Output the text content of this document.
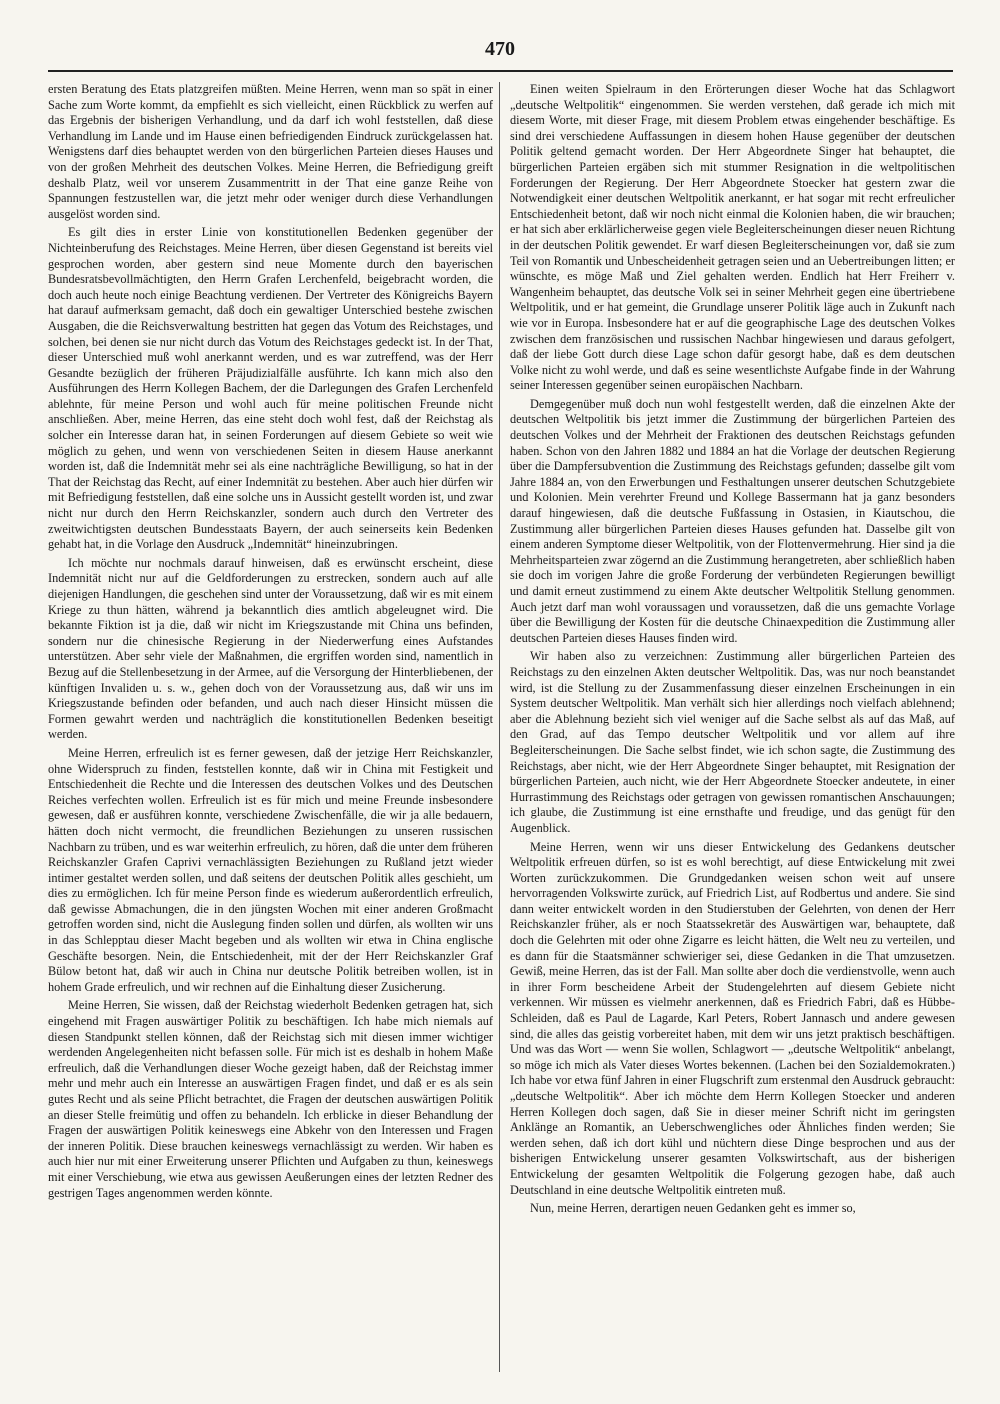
470

ersten Beratung des Etats platzgreifen müßten. Meine Herren, wenn man so spät in einer Sache zum Worte kommt, da empfiehlt es sich vielleicht, einen Rückblick zu werfen auf das Ergebnis der bisherigen Verhandlung, und da darf ich wohl feststellen, daß diese Verhandlung im Lande und im Hause einen befriedigenden Eindruck zurückgelassen hat. Wenigstens darf dies behauptet werden von den bürgerlichen Parteien dieses Hauses und von der großen Mehrheit des deutschen Volkes. Meine Herren, die Befriedigung greift deshalb Platz, weil vor unserem Zusammentritt in der That eine ganze Reihe von Spannungen festzustellen war, die jetzt mehr oder weniger durch diese Verhandlungen ausgelöst worden sind.

Es gilt dies in erster Linie von konstitutionellen Bedenken gegenüber der Nichteinberufung des Reichstages. Meine Herren, über diesen Gegenstand ist bereits viel gesprochen worden, aber gestern sind neue Momente durch den bayerischen Bundesratsbevollmächtigten, den Herrn Grafen Lerchenfeld, beigebracht worden, die doch auch heute noch einige Beachtung verdienen. Der Vertreter des Königreichs Bayern hat darauf aufmerksam gemacht, daß doch ein gewaltiger Unterschied bestehe zwischen Ausgaben, die die Reichsverwaltung bestritten hat gegen das Votum des Reichstages, und solchen, bei denen sie nur nicht durch das Votum des Reichstages gedeckt ist. In der That, dieser Unterschied muß wohl anerkannt werden, und es war zutreffend, was der Herr Gesandte bezüglich der früheren Präjudizialfälle ausführte. Ich kann mich also den Ausführungen des Herrn Kollegen Bachem, der die Darlegungen des Grafen Lerchenfeld ablehnte, für meine Person und wohl auch für meine politischen Freunde nicht anschließen. Aber, meine Herren, das eine steht doch wohl fest, daß der Reichstag als solcher ein Interesse daran hat, in seinen Forderungen auf diesem Gebiete so weit wie möglich zu gehen, und wenn von verschiedenen Seiten in diesem Hause anerkannt worden ist, daß die Indemnität mehr sei als eine nachträgliche Bewilligung, so hat in der That der Reichstag das Recht, auf einer Indemnität zu bestehen. Aber auch hier dürfen wir mit Befriedigung feststellen, daß eine solche uns in Aussicht gestellt worden ist, und zwar nicht nur durch den Herrn Reichskanzler, sondern auch durch den Vertreter des zweitwichtigsten deutschen Bundesstaats Bayern, der auch seinerseits kein Bedenken gehabt hat, in die Vorlage den Ausdruck „Indemnität“ hineinzubringen.

Ich möchte nur nochmals darauf hinweisen, daß es erwünscht erscheint, diese Indemnität nicht nur auf die Geldforderungen zu erstrecken, sondern auch auf alle diejenigen Handlungen, die geschehen sind unter der Voraussetzung, daß wir es mit einem Kriege zu thun hätten, während ja bekanntlich dies amtlich abgeleugnet wird. Die bekannte Fiktion ist ja die, daß wir nicht im Kriegszustande mit China uns befinden, sondern nur die chinesische Regierung in der Niederwerfung eines Aufstandes unterstützen. Aber sehr viele der Maßnahmen, die ergriffen worden sind, namentlich in Bezug auf die Stellenbesetzung in der Armee, auf die Versorgung der Hinterbliebenen, der künftigen Invaliden u. s. w., gehen doch von der Voraussetzung aus, daß wir uns im Kriegszustande befinden oder befanden, und auch nach dieser Hinsicht müssen die Formen gewahrt werden und nachträglich die konstitutionellen Bedenken beseitigt werden.

Meine Herren, erfreulich ist es ferner gewesen, daß der jetzige Herr Reichskanzler, ohne Widerspruch zu finden, feststellen konnte, daß wir in China mit Festigkeit und Entschiedenheit die Rechte und die Interessen des deutschen Volkes und des Deutschen Reiches verfechten wollen. Erfreulich ist es für mich und meine Freunde insbesondere gewesen, daß er ausführen konnte, verschiedene Zwischenfälle, die wir ja alle bedauern, hätten doch nicht vermocht, die freundlichen Beziehungen zu unseren russischen Nachbarn zu trüben, und es war weiterhin erfreulich, zu hören, daß die unter dem früheren Reichskanzler Grafen Caprivi vernachlässigten Beziehungen zu Rußland jetzt wieder intimer gestaltet werden sollen, und daß seitens der deutschen Politik alles geschieht, um dies zu ermöglichen. Ich für meine Person finde es wiederum außerordentlich erfreulich, daß gewisse Abmachungen, die in den jüngsten Wochen mit einer anderen Großmacht getroffen worden sind, nicht die Auslegung finden sollen und dürfen, als wollten wir uns in das Schlepptau dieser Macht begeben und als wollten wir etwa in China englische Geschäfte besorgen. Nein, die Entschiedenheit, mit der der Herr Reichskanzler Graf Bülow betont hat, daß wir auch in China nur deutsche Politik betreiben wollen, ist in hohem Grade erfreulich, und wir rechnen auf die Einhaltung dieser Zusicherung.

Meine Herren, Sie wissen, daß der Reichstag wiederholt Bedenken getragen hat, sich eingehend mit Fragen auswärtiger Politik zu beschäftigen. Ich habe mich niemals auf diesen Standpunkt stellen können, daß der Reichstag sich mit diesen immer wichtiger werdenden Angelegenheiten nicht befassen solle. Für mich ist es deshalb in hohem Maße erfreulich, daß die Verhandlungen dieser Woche gezeigt haben, daß der Reichstag immer mehr und mehr auch ein Interesse an auswärtigen Fragen findet, und daß er es als sein gutes Recht und als seine Pflicht betrachtet, die Fragen der deutschen auswärtigen Politik an dieser Stelle freimütig und offen zu behandeln. Ich erblicke in dieser Behandlung der Fragen der auswärtigen Politik keineswegs eine Abkehr von den Interessen und Fragen der inneren Politik. Diese brauchen keineswegs vernachlässigt zu werden. Wir haben es auch hier nur mit einer Erweiterung unserer Pflichten und Aufgaben zu thun, keineswegs mit einer Verschiebung, wie etwa aus gewissen Aeußerungen eines der letzten Redner des gestrigen Tages angenommen werden könnte.

Einen weiten Spielraum in den Erörterungen dieser Woche hat das Schlagwort „deutsche Weltpolitik“ eingenommen. Sie werden verstehen, daß gerade ich mich mit diesem Worte, mit dieser Frage, mit diesem Problem etwas eingehender beschäftige. Es sind drei verschiedene Auffassungen in diesem hohen Hause gegenüber der deutschen Politik geltend gemacht worden. Der Herr Abgeordnete Singer hat behauptet, die bürgerlichen Parteien ergäben sich mit stummer Resignation in die weltpolitischen Forderungen der Regierung. Der Herr Abgeordnete Stoecker hat gestern zwar die Notwendigkeit einer deutschen Weltpolitik anerkannt, er hat sogar mit recht erfreulicher Entschiedenheit betont, daß wir noch nicht einmal die Kolonien haben, die wir brauchen; er hat sich aber erklärlicherweise gegen viele Begleiterscheinungen dieser neuen Richtung in der deutschen Politik gewendet. Er warf diesen Begleiterscheinungen vor, daß sie zum Teil von Romantik und Unbescheidenheit getragen seien und an Uebertreibungen litten; er wünschte, es möge Maß und Ziel gehalten werden. Endlich hat Herr Freiherr v. Wangenheim behauptet, das deutsche Volk sei in seiner Mehrheit gegen eine übertriebene Weltpolitik, und er hat gemeint, die Grundlage unserer Politik läge auch in Zukunft nach wie vor in Europa. Insbesondere hat er auf die geographische Lage des deutschen Volkes zwischen dem französischen und russischen Nachbar hingewiesen und daraus gefolgert, daß der liebe Gott durch diese Lage schon dafür gesorgt habe, daß es dem deutschen Volke nicht zu wohl werde, und daß es seine wesentlichste Aufgabe finde in der Wahrung seiner Interessen gegenüber seinen europäischen Nachbarn.

Demgegenüber muß doch nun wohl festgestellt werden, daß die einzelnen Akte der deutschen Weltpolitik bis jetzt immer die Zustimmung der bürgerlichen Parteien des deutschen Volkes und der Mehrheit der Fraktionen des deutschen Reichstags gefunden haben. Schon von den Jahren 1882 und 1884 an hat die Vorlage der deutschen Regierung über die Dampfersubvention die Zustimmung des Reichstags gefunden; dasselbe gilt vom Jahre 1884 an, von den Erwerbungen und Festhaltungen unserer deutschen Schutzgebiete und Kolonien. Mein verehrter Freund und Kollege Bassermann hat ja ganz besonders darauf hingewiesen, daß die deutsche Fußfassung in Ostasien, in Kiautschou, die Zustimmung aller bürgerlichen Parteien dieses Hauses gefunden hat. Dasselbe gilt von einem anderen Symptome dieser Weltpolitik, von der Flottenvermehrung. Hier sind ja die Mehrheitsparteien zwar zögernd an die Zustimmung herangetreten, aber schließlich haben sie doch im vorigen Jahre die große Forderung der verbündeten Regierungen bewilligt und damit erneut zustimmend zu einem Akte deutscher Weltpolitik Stellung genommen. Auch jetzt darf man wohl voraussagen und voraussetzen, daß die uns gemachte Vorlage über die Bewilligung der Kosten für die deutsche Chinaexpedition die Zustimmung aller deutschen Parteien dieses Hauses finden wird.

Wir haben also zu verzeichnen: Zustimmung aller bürgerlichen Parteien des Reichstags zu den einzelnen Akten deutscher Weltpolitik. Das, was nur noch beanstandet wird, ist die Stellung zu der Zusammenfassung dieser einzelnen Erscheinungen in ein System deutscher Weltpolitik. Man verhält sich hier allerdings noch vielfach ablehnend; aber die Ablehnung bezieht sich viel weniger auf die Sache selbst als auf das Maß, auf den Grad, auf das Tempo deutscher Weltpolitik und vor allem auf ihre Begleiterscheinungen. Die Sache selbst findet, wie ich schon sagte, die Zustimmung des Reichstags, aber nicht, wie der Herr Abgeordnete Singer behauptet, mit Resignation der bürgerlichen Parteien, auch nicht, wie der Herr Abgeordnete Stoecker andeutete, in einer Hurrastimmung des Reichstags oder getragen von gewissen romantischen Anschauungen; ich glaube, die Zustimmung ist eine ernsthafte und freudige, und das genügt für den Augenblick.

Meine Herren, wenn wir uns dieser Entwickelung des Gedankens deutscher Weltpolitik erfreuen dürfen, so ist es wohl berechtigt, auf diese Entwickelung mit zwei Worten zurückzukommen. Die Grundgedanken weisen schon weit auf unsere hervorragenden Volkswirte zurück, auf Friedrich List, auf Rodbertus und andere. Sie sind dann weiter entwickelt worden in den Studierstuben der Gelehrten, von denen der Herr Reichskanzler früher, als er noch Staatssekretär des Auswärtigen war, behauptete, daß doch die Gelehrten mit oder ohne Zigarre es leicht hätten, die Welt neu zu verteilen, und es dann für die Staatsmänner schwieriger sei, diese Gedanken in die That umzusetzen. Gewiß, meine Herren, das ist der Fall. Man sollte aber doch die verdienstvolle, wenn auch in ihrer Form bescheidene Arbeit der Studengelehrten auf diesem Gebiete nicht verkennen. Wir müssen es vielmehr anerkennen, daß es Friedrich Fabri, daß es Hübbe-Schleiden, daß es Paul de Lagarde, Karl Peters, Robert Jannasch und andere gewesen sind, die alles das geistig vorbereitet haben, mit dem wir uns jetzt praktisch beschäftigen. Und was das Wort — wenn Sie wollen, Schlagwort — „deutsche Weltpolitik“ anbelangt, so möge ich mich als Vater dieses Wortes bekennen. (Lachen bei den Sozialdemokraten.) Ich habe vor etwa fünf Jahren in einer Flugschrift zum erstenmal den Ausdruck gebraucht: „deutsche Weltpolitik“. Aber ich möchte dem Herrn Kollegen Stoecker und anderen Herren Kollegen doch sagen, daß Sie in dieser meiner Schrift nicht im geringsten Anklänge an Romantik, an Ueberschwengliches oder Ähnliches finden werden; Sie werden sehen, daß ich dort kühl und nüchtern diese Dinge besprochen und aus der bisherigen Entwickelung unserer gesamten Volkswirtschaft, aus der bisherigen Entwickelung der gesamten Weltpolitik die Folgerung gezogen habe, daß auch Deutschland in eine deutsche Weltpolitik eintreten muß.

Nun, meine Herren, derartigen neuen Gedanken geht es immer so,
